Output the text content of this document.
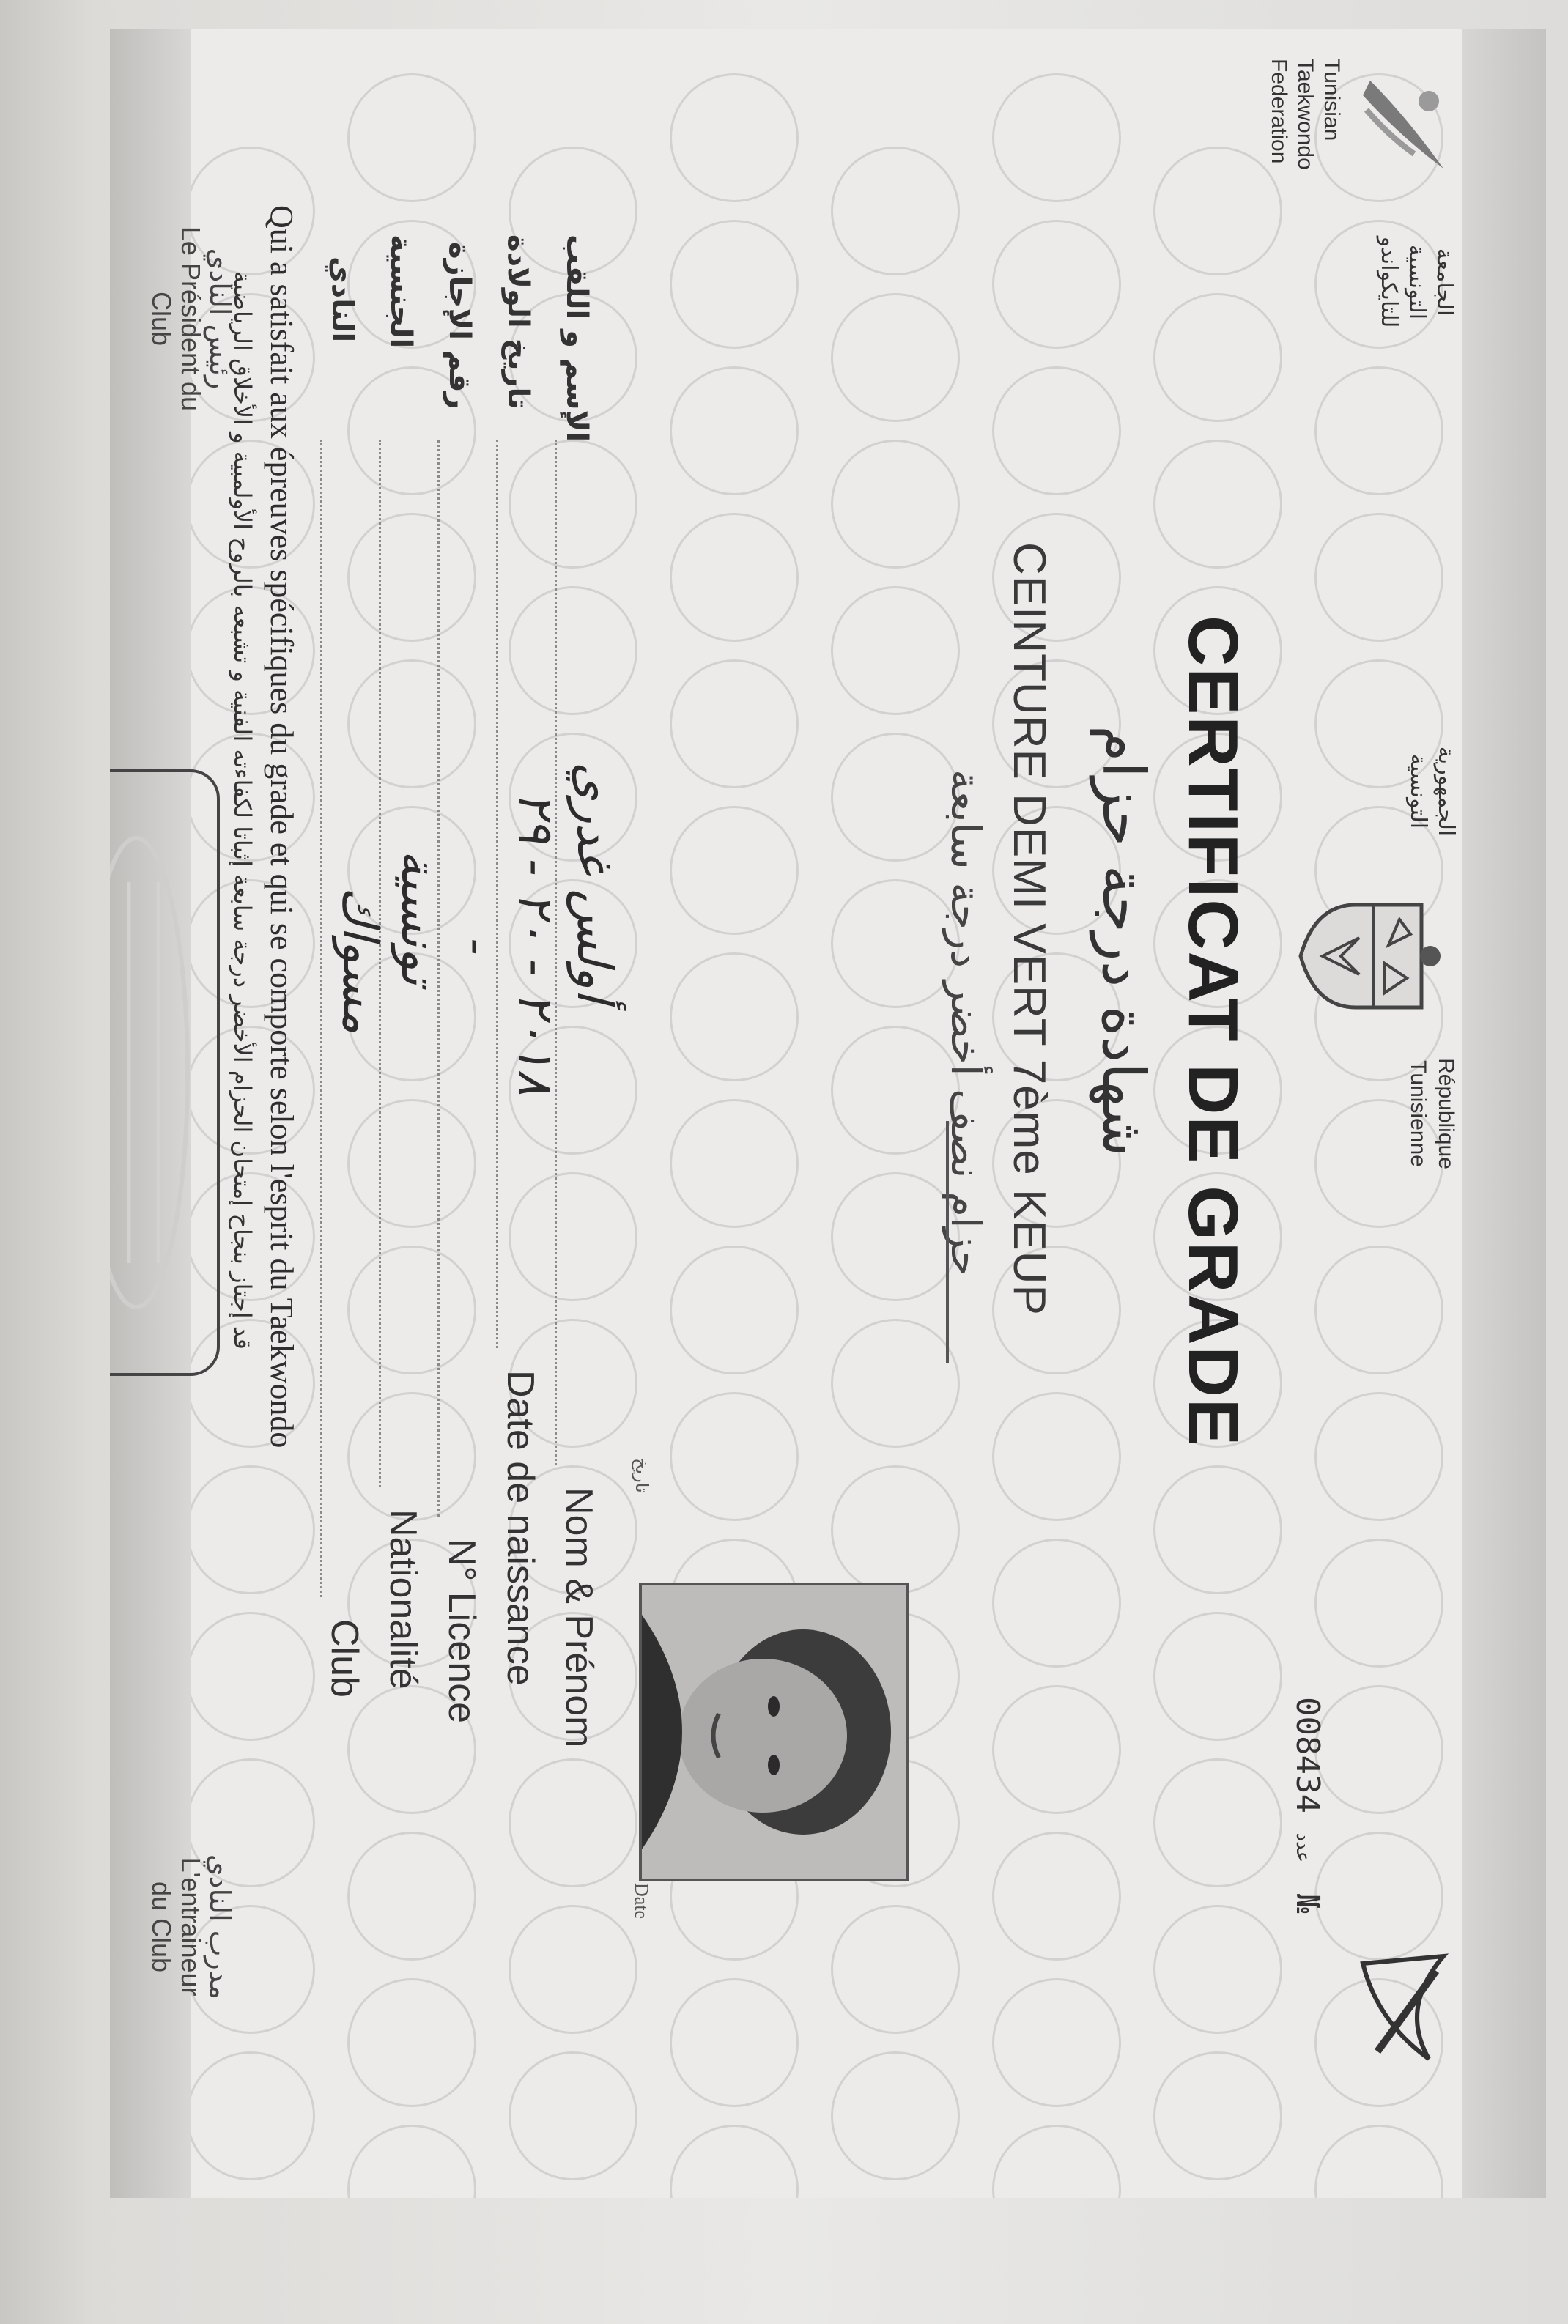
Tunisian
Taekwondo
Federation
الجامعة
التونسية
للتايكواندو
الجمهورية
التونسية
République
Tunisienne
عدد 008434 №
CERTIFICAT DE GRADE
شهادة درجة حزام
CEINTURE DEMI VERT 7ème KEUP
حزام نصف أخضر درجة سابعة
Date
تاريخ
Nom & Prénom
Date de naissance
N° Licence
Nationalité
Club
الإسم و اللقب
تاريخ الولادة
رقم الإجازة
الجنسية
النادي
أولس غدري
٢٠١٨ - ٢٠ - ٢٩
-
تونسية
مسواك
Qui a satisfait aux épreuves spécifiques du grade et qui se comporte selon l'esprit du Taekwondo
قد إجتاز بنجاح إمتحان الحزام الأخضر درجة سابعة إثباتا لكفاءته الفنية و تشبعه بالروح الأولمبية و الأخلاق الرياضية
رئيس النادي
Le Président du
Club
مدرب النادي
L'entraineur
du Club
